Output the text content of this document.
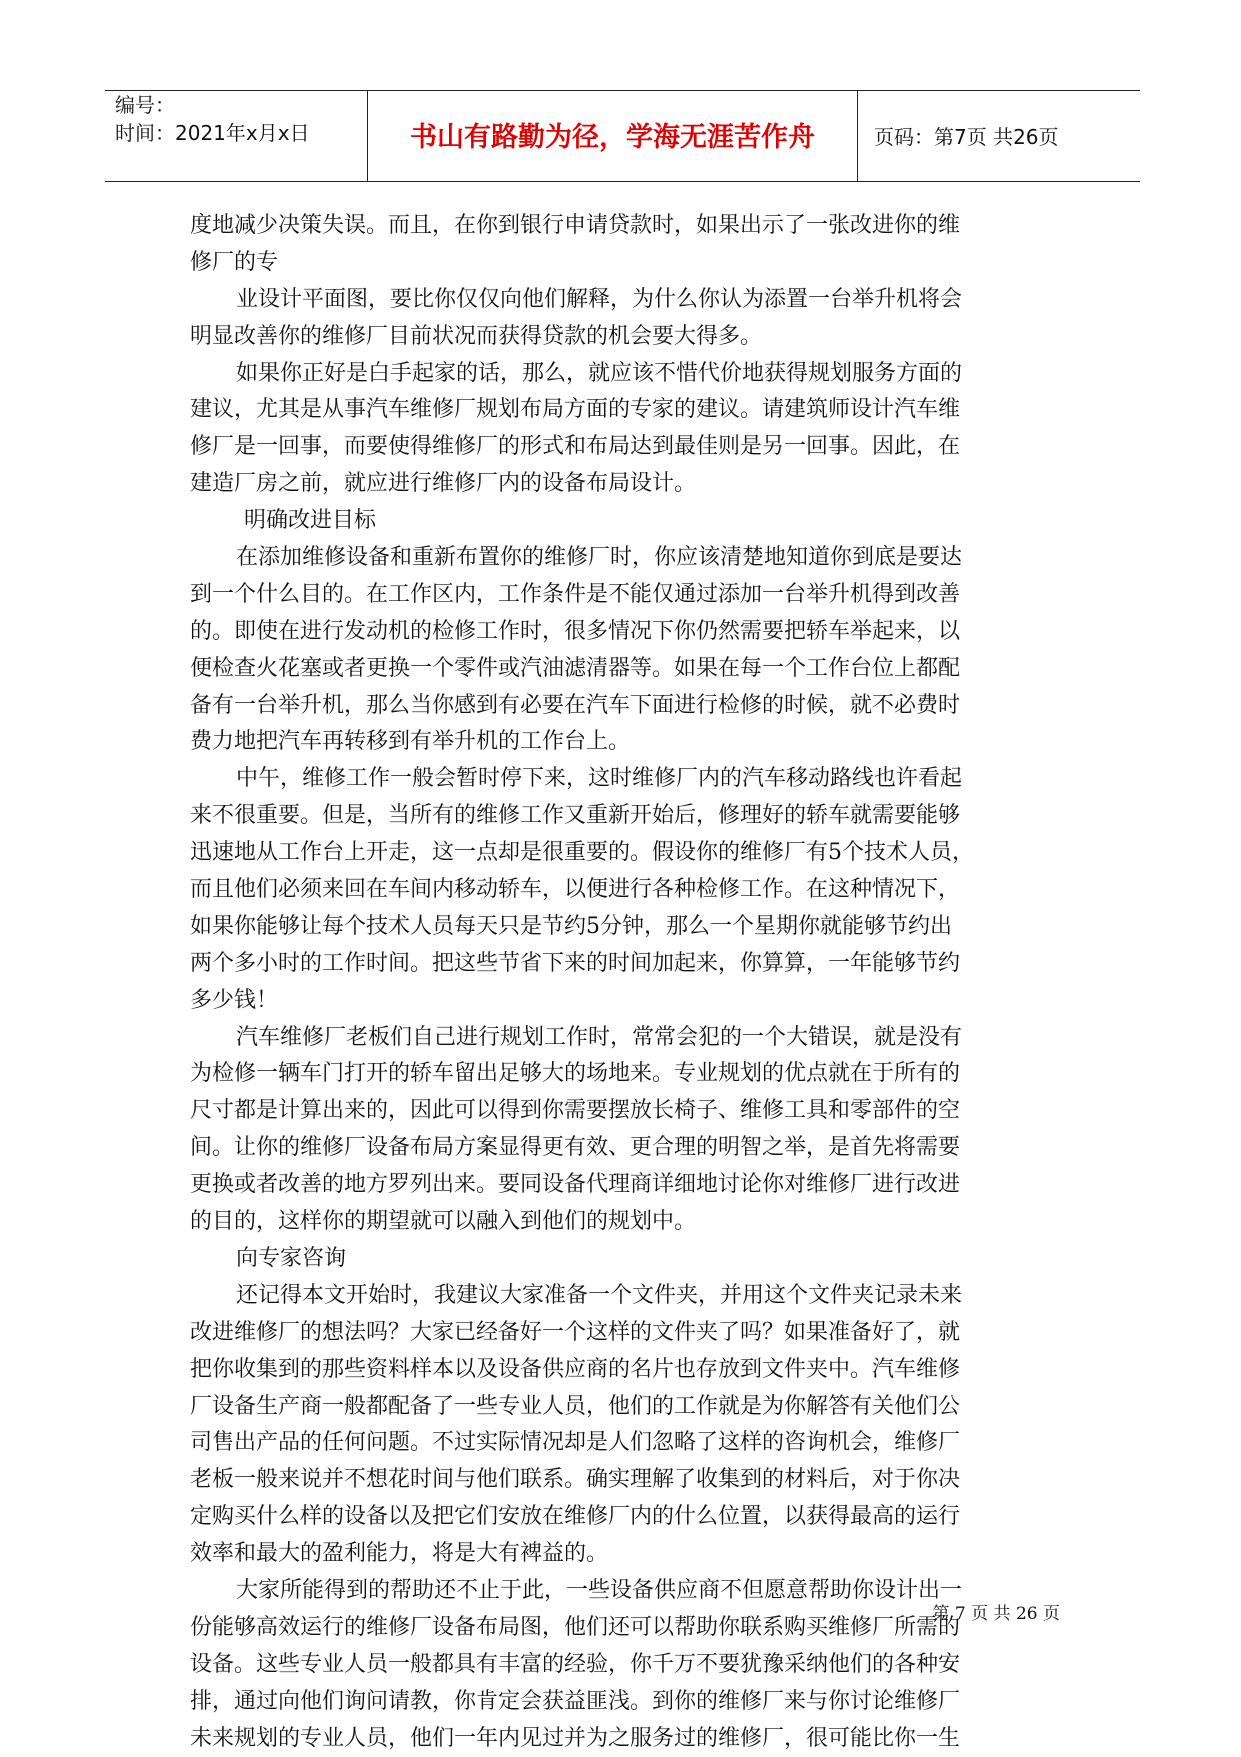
编号：
时间：2021年x月x日	书山有路勤为径，学海无涯苦作舟	页码：第7页 共26页
度地减少决策失误。而且，在你到银行申请贷款时，如果出示了一张改进你的维
修厂的专
业设计平面图，要比你仅仅向他们解释，为什么你认为添置一台举升机将会
明显改善你的维修厂目前状况而获得贷款的机会要大得多。
如果你正好是白手起家的话，那么，就应该不惜代价地获得规划服务方面的
建议，尤其是从事汽车维修厂规划布局方面的专家的建议。请建筑师设计汽车维
修厂是一回事，而要使得维修厂的形式和布局达到最佳则是另一回事。因此，在
建造厂房之前，就应进行维修厂内的设备布局设计。
明确改进目标
在添加维修设备和重新布置你的维修厂时，你应该清楚地知道你到底是要达
到一个什么目的。在工作区内，工作条件是不能仅通过添加一台举升机得到改善
的。即使在进行发动机的检修工作时，很多情况下你仍然需要把轿车举起来，以
便检查火花塞或者更换一个零件或汽油滤清器等。如果在每一个工作台位上都配
备有一台举升机，那么当你感到有必要在汽车下面进行检修的时候，就不必费时
费力地把汽车再转移到有举升机的工作台上。
中午，维修工作一般会暂时停下来，这时维修厂内的汽车移动路线也许看起
来不很重要。但是，当所有的维修工作又重新开始后，修理好的轿车就需要能够
迅速地从工作台上开走，这一点却是很重要的。假设你的维修厂有5个技术人员，
而且他们必须来回在车间内移动轿车，以便进行各种检修工作。在这种情况下，
如果你能够让每个技术人员每天只是节约5分钟，那么一个星期你就能够节约出
两个多小时的工作时间。把这些节省下来的时间加起来，你算算，一年能够节约
多少钱！
汽车维修厂老板们自己进行规划工作时，常常会犯的一个大错误，就是没有
为检修一辆车门打开的轿车留出足够大的场地来。专业规划的优点就在于所有的
尺寸都是计算出来的，因此可以得到你需要摆放长椅子、维修工具和零部件的空
间。让你的维修厂设备布局方案显得更有效、更合理的明智之举，是首先将需要
更换或者改善的地方罗列出来。要同设备代理商详细地讨论你对维修厂进行改进
的目的，这样你的期望就可以融入到他们的规划中。
向专家咨询
还记得本文开始时，我建议大家准备一个文件夹，并用这个文件夹记录未来
改进维修厂的想法吗？大家已经备好一个这样的文件夹了吗？如果准备好了，就
把你收集到的那些资料样本以及设备供应商的名片也存放到文件夹中。汽车维修
厂设备生产商一般都配备了一些专业人员，他们的工作就是为你解答有关他们公
司售出产品的任何问题。不过实际情况却是人们忽略了这样的咨询机会，维修厂
老板一般来说并不想花时间与他们联系。确实理解了收集到的材料后，对于你决
定购买什么样的设备以及把它们安放在维修厂内的什么位置，以获得最高的运行
效率和最大的盈利能力，将是大有裨益的。
大家所能得到的帮助还不止于此，一些设备供应商不但愿意帮助你设计出一
份能够高效运行的维修厂设备布局图，他们还可以帮助你联系购买维修厂所需的
设备。这些专业人员一般都具有丰富的经验，你千万不要犹豫采纳他们的各种安
排，通过向他们询问请教，你肯定会获益匪浅。到你的维修厂来与你讨论维修厂
未来规划的专业人员，他们一年内见过并为之服务过的维修厂，很可能比你一生
第 7 页 共 26 页
